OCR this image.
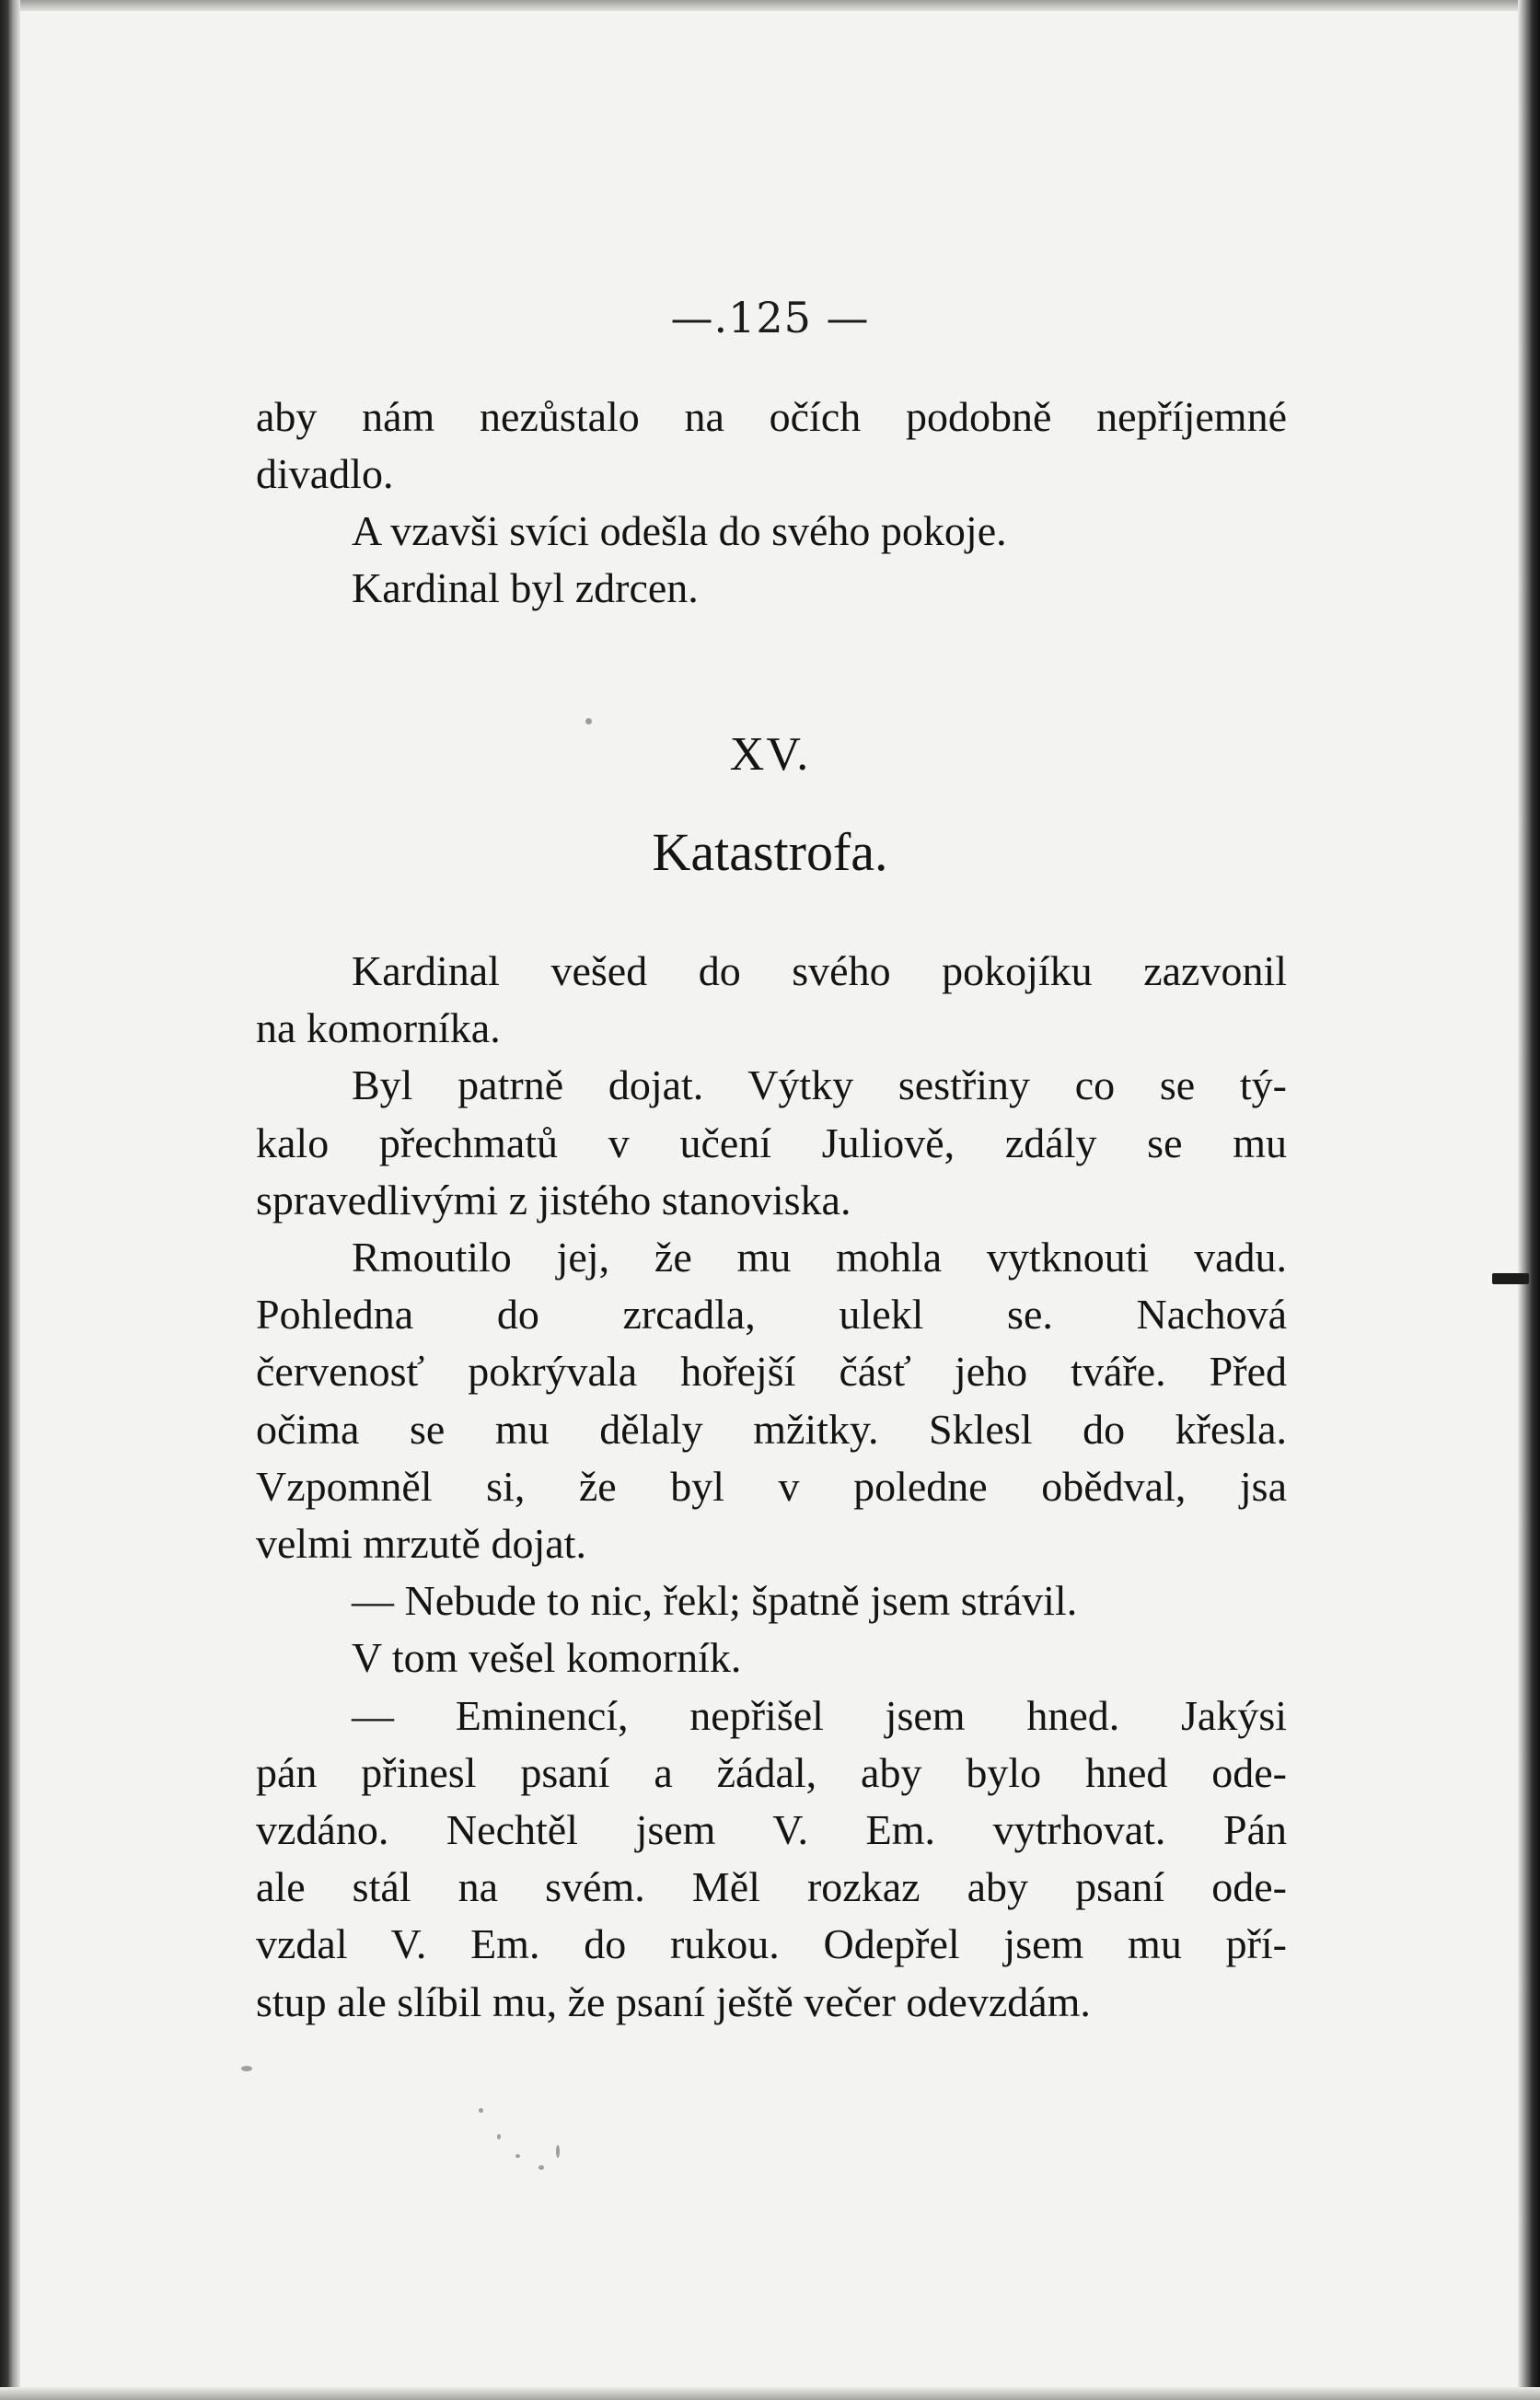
—.125 —
aby nám nezůstalo na očích podobně nepříjemné
divadlo.
A vzavši svíci odešla do svého pokoje.
Kardinal byl zdrcen.
XV.
Katastrofa.
Kardinal vešed do svého pokojíku zazvonil
na komorníka.
Byl patrně dojat. Výtky sestřiny co se tý-
kalo přechmatů v učení Juliově, zdály se mu
spravedlivými z jistého stanoviska.
Rmoutilo jej, že mu mohla vytknouti vadu.
Pohledna do zrcadla, ulekl se. Nachová
červenosť pokrývala hořejší čásť jeho tváře. Před
očima se mu dělaly mžitky. Sklesl do křesla.
Vzpomněl si, že byl v poledne obědval, jsa
velmi mrzutě dojat.
— Nebude to nic, řekl; špatně jsem strávil.
V tom vešel komorník.
— Eminencí, nepřišel jsem hned. Jakýsi
pán přinesl psaní a žádal, aby bylo hned ode-
vzdáno. Nechtěl jsem V. Em. vytrhovat. Pán
ale stál na svém. Měl rozkaz aby psaní ode-
vzdal V. Em. do rukou. Odepřel jsem mu pří-
stup ale slíbil mu, že psaní ještě večer odevzdám.
